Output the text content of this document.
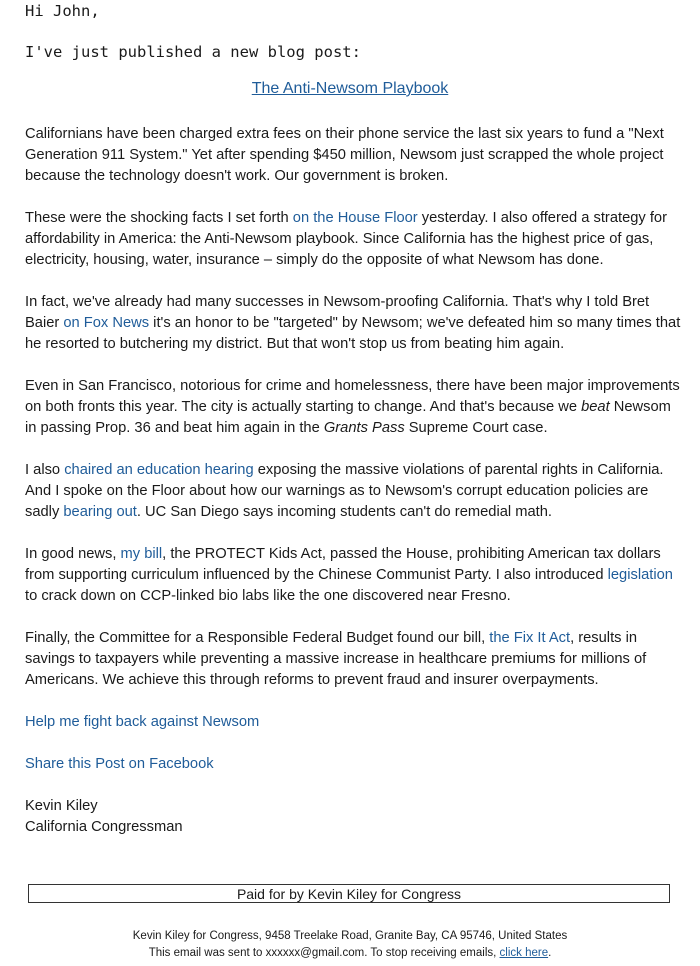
Hi John,
I've just published a new blog post:
The Anti-Newsom Playbook

Californians have been charged extra fees on their phone service the last six years to fund a "Next Generation 911 System." Yet after spending $450 million, Newsom just scrapped the whole project because the technology doesn't work. Our government is broken.

These were the shocking facts I set forth on the House Floor yesterday. I also offered a strategy for affordability in America: the Anti-Newsom playbook. Since California has the highest price of gas, electricity, housing, water, insurance – simply do the opposite of what Newsom has done.

In fact, we've already had many successes in Newsom-proofing California. That's why I told Bret Baier on Fox News it's an honor to be "targeted" by Newsom; we've defeated him so many times that he resorted to butchering my district. But that won't stop us from beating him again.

Even in San Francisco, notorious for crime and homelessness, there have been major improvements on both fronts this year. The city is actually starting to change. And that's because we beat Newsom in passing Prop. 36 and beat him again in the Grants Pass Supreme Court case.

I also chaired an education hearing exposing the massive violations of parental rights in California. And I spoke on the Floor about how our warnings as to Newsom's corrupt education policies are sadly bearing out. UC San Diego says incoming students can't do remedial math.

In good news, my bill, the PROTECT Kids Act, passed the House, prohibiting American tax dollars from supporting curriculum influenced by the Chinese Communist Party. I also introduced legislation to crack down on CCP-linked bio labs like the one discovered near Fresno.

Finally, the Committee for a Responsible Federal Budget found our bill, the Fix It Act, results in savings to taxpayers while preventing a massive increase in healthcare premiums for millions of Americans. We achieve this through reforms to prevent fraud and insurer overpayments.

Help me fight back against Newsom

Share this Post on Facebook

Kevin Kiley
California Congressman
Paid for by Kevin Kiley for Congress
Kevin Kiley for Congress, 9458 Treelake Road, Granite Bay, CA 95746, United States
This email was sent to xxxxxx@gmail.com. To stop receiving emails, click here.
